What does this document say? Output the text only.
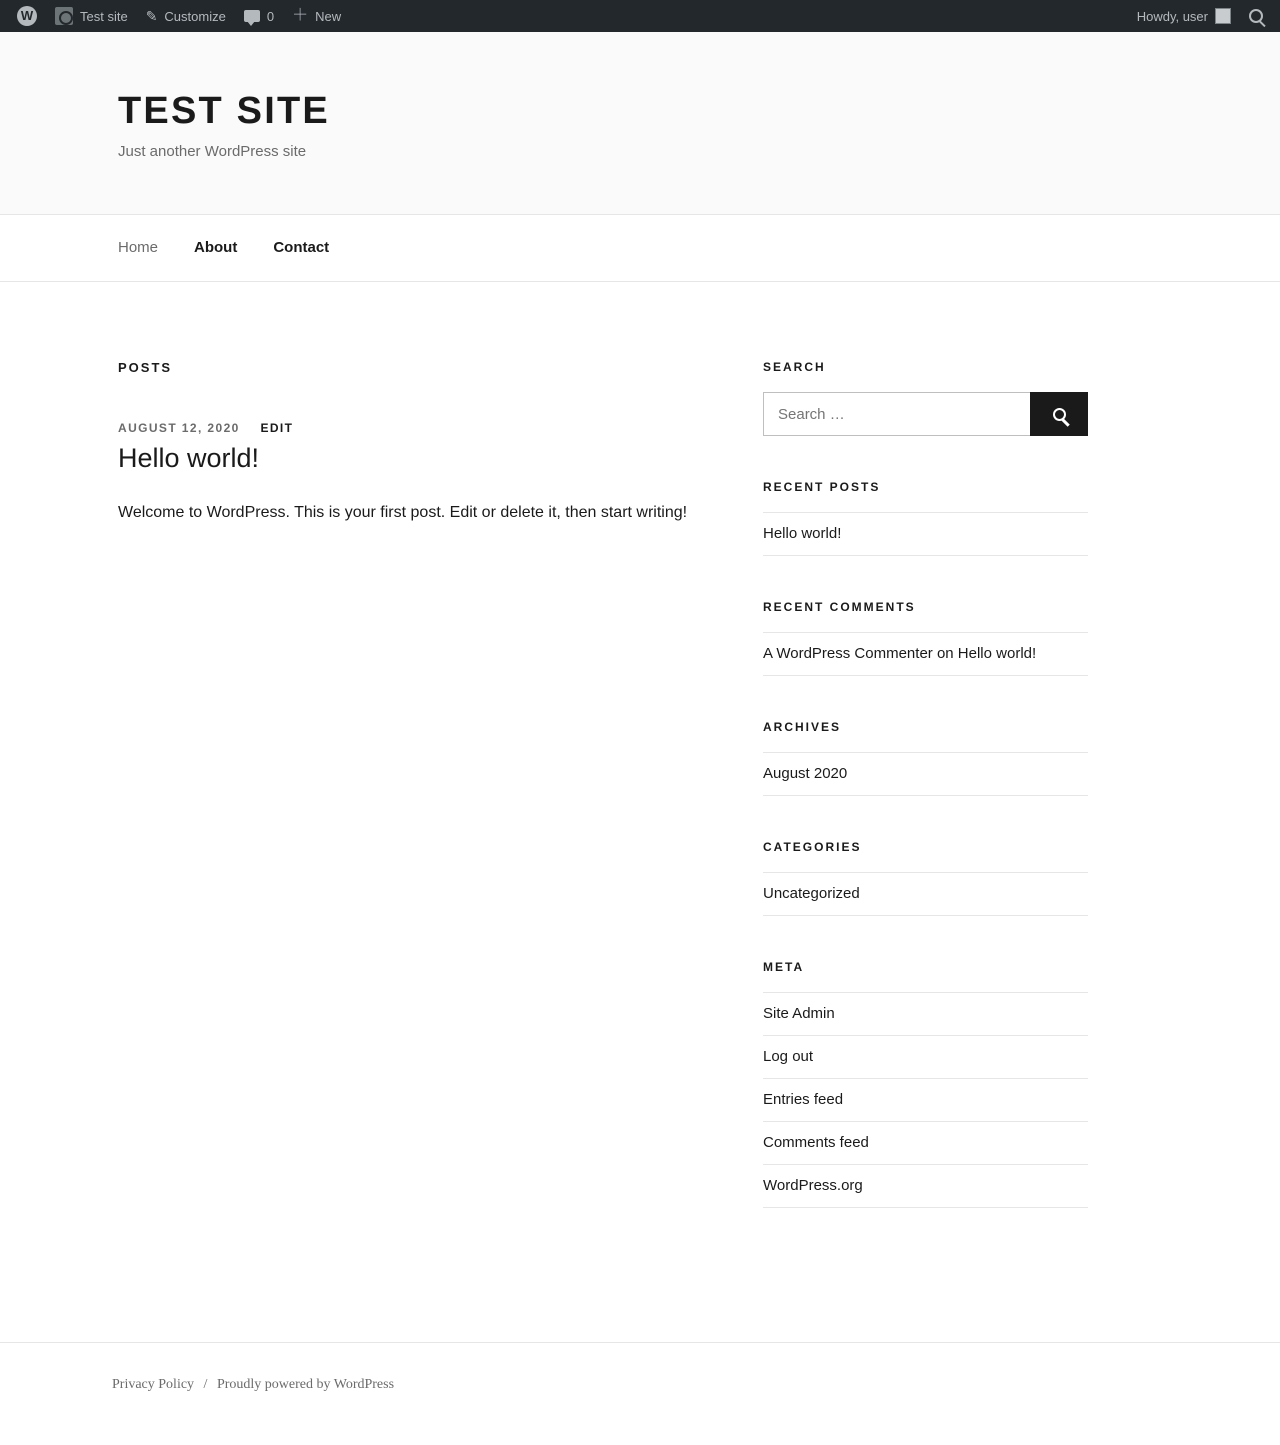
W
Test site ✎ Customize	0 ＋ New	Howdy, user
TEST SITE

Just another WordPress site

Home About Contact
POSTS
AUGUST 12, 2020 EDIT
Hello world!

Welcome to WordPress. This is your first post. Edit or delete it, then start writing!

SEARCH
Search …
RECENT POSTS
Hello world!
RECENT COMMENTS
A WordPress Commenter on Hello world!
ARCHIVES
August 2020
CATEGORIES
Uncategorized
META
Site Admin
Log out
Entries feed
Comments feed
WordPress.org
Privacy Policy / Proudly powered by WordPress
